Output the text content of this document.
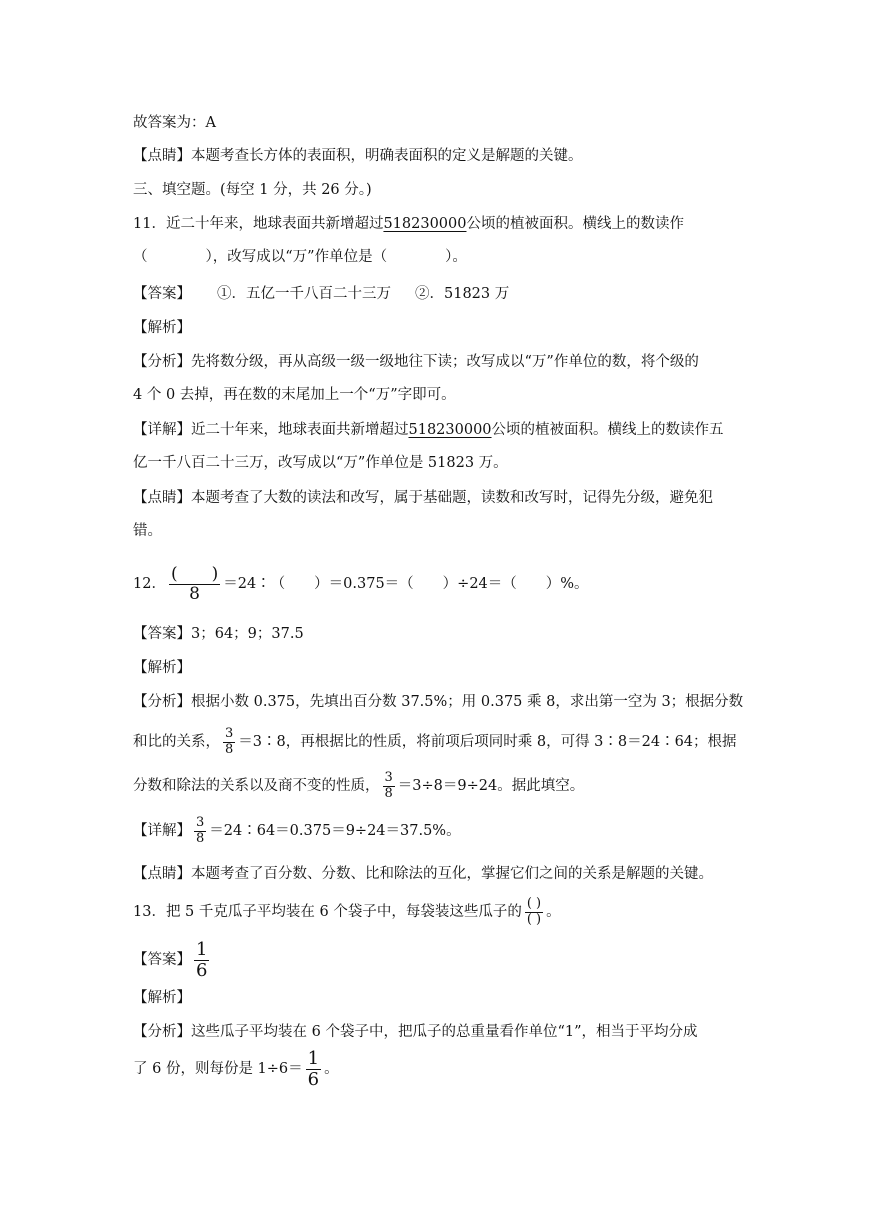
故答案为：A
【点睛】本题考查长方体的表面积，明确表面积的定义是解题的关键。
三、填空题。(每空 1 分，共 26 分。)
11．近二十年来，地球表面共新增超过518230000公顷的植被面积。横线上的数读作
（　　　　），改写成以“万”作单位是（　　　　）。
【答案】 ①．五亿一千八百二十三万 ②．51823 万
【解析】
【分析】先将数分级，再从高级一级一级地往下读；改写成以“万”作单位的数，将个级的
4 个 0 去掉，再在数的末尾加上一个“万”字即可。
【详解】近二十年来，地球表面共新增超过518230000公顷的植被面积。横线上的数读作五
亿一千八百二十三万，改写成以“万”作单位是 51823 万。
【点睛】本题考查了大数的读法和改写，属于基础题，读数和改写时，记得先分级，避免犯
错。
12． $\frac{( )}{8}$ ＝24∶（　　）＝0.375＝（　　）÷24＝（　　）%。
【答案】3；64；9；37.5
【解析】
【分析】根据小数 0.375，先填出百分数 37.5%；用 0.375 乘 8，求出第一空为 3；根据分数
和比的关系， $\frac{3}{8}$ ＝3∶8，再根据比的性质，将前项后项同时乘 8，可得 3∶8＝24∶64；根据
分数和除法的关系以及商不变的性质， $\frac{3}{8} =3\div 8=9\div 24$。据此填空。
【详解】 $\frac{3}{8}$ ＝24∶64＝0.375＝9÷24＝37.5%。
【点睛】本题考查了百分数、分数、比和除法的互化，掌握它们之间的关系是解题的关键。
13．把 5 千克瓜子平均装在 6 个袋子中，每袋装这些瓜子的 $\frac{( )}{( )}$ 。
【答案】 $\frac{1}{6}$
【解析】
【分析】这些瓜子平均装在 6 个袋子中，把瓜子的总重量看作单位“1”，相当于平均分成
了 6 份，则每份是 $1\div 6= \frac{1}{6}$ 。
